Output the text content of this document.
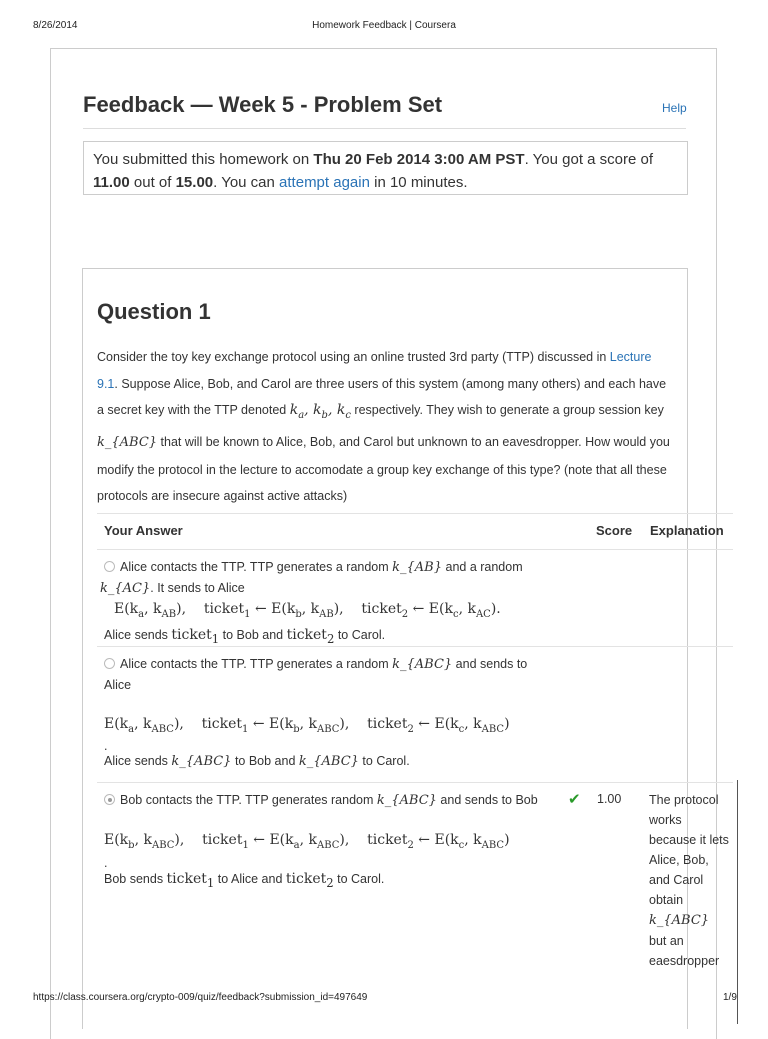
8/26/2014	Homework Feedback | Coursera
Feedback — Week 5 - Problem Set	Help
You submitted this homework on Thu 20 Feb 2014 3:00 AM PST. You got a score of 11.00 out of 15.00. You can attempt again in 10 minutes.
Question 1
Consider the toy key exchange protocol using an online trusted 3rd party (TTP) discussed in Lecture 9.1. Suppose Alice, Bob, and Carol are three users of this system (among many others) and each have a secret key with the TTP denoted $k_a$, $k_b$, $k_c$ respectively. They wish to generate a group session key k_{ABC} that will be known to Alice, Bob, and Carol but unknown to an eavesdropper. How would you modify the protocol in the lecture to accomodate a group key exchange of this type? (note that all these protocols are insecure against active attacks)
Your Answer	Score Explanation
Alice contacts the TTP. TTP generates a random k_{AB} and a random
k_{AC}. It sends to Alice
$E(k_a$, $k_{AB}$),    ticket$_1$ ← $E(k_b$, $k_{AB}$),    ticket$_2$ ← $E(k_c$, $k_{AC}$).
Alice sends ticket$_1$ to Bob and ticket$_2$ to Carol.
Alice contacts the TTP. TTP generates a random k_{ABC} and sends to Alice
$E(k_a$, $k_{ABC}$),    ticket$_1$ ← $E(k_b$, $k_{ABC}$),    ticket$_2$ ← $E(k_c$, $k_{ABC}$)
.
Alice sends k_{ABC} to Bob and k_{ABC} to Carol.
Bob contacts the TTP. TTP generates random k_{ABC} and sends to Bob
$E(k_b$, $k_{ABC}$),    ticket$_1$ ← $E(k_a$, $k_{ABC}$),    ticket$_2$ ← $E(k_c$, $k_{ABC}$)
.
Bob sends ticket$_1$ to Alice and ticket$_2$ to Carol.
✔ 1.00 The protocol works because it lets Alice, Bob, and Carol obtain k_{ABC} but an eaesdropper
https://class.coursera.org/crypto-009/quiz/feedback?submission_id=497649	1/9
